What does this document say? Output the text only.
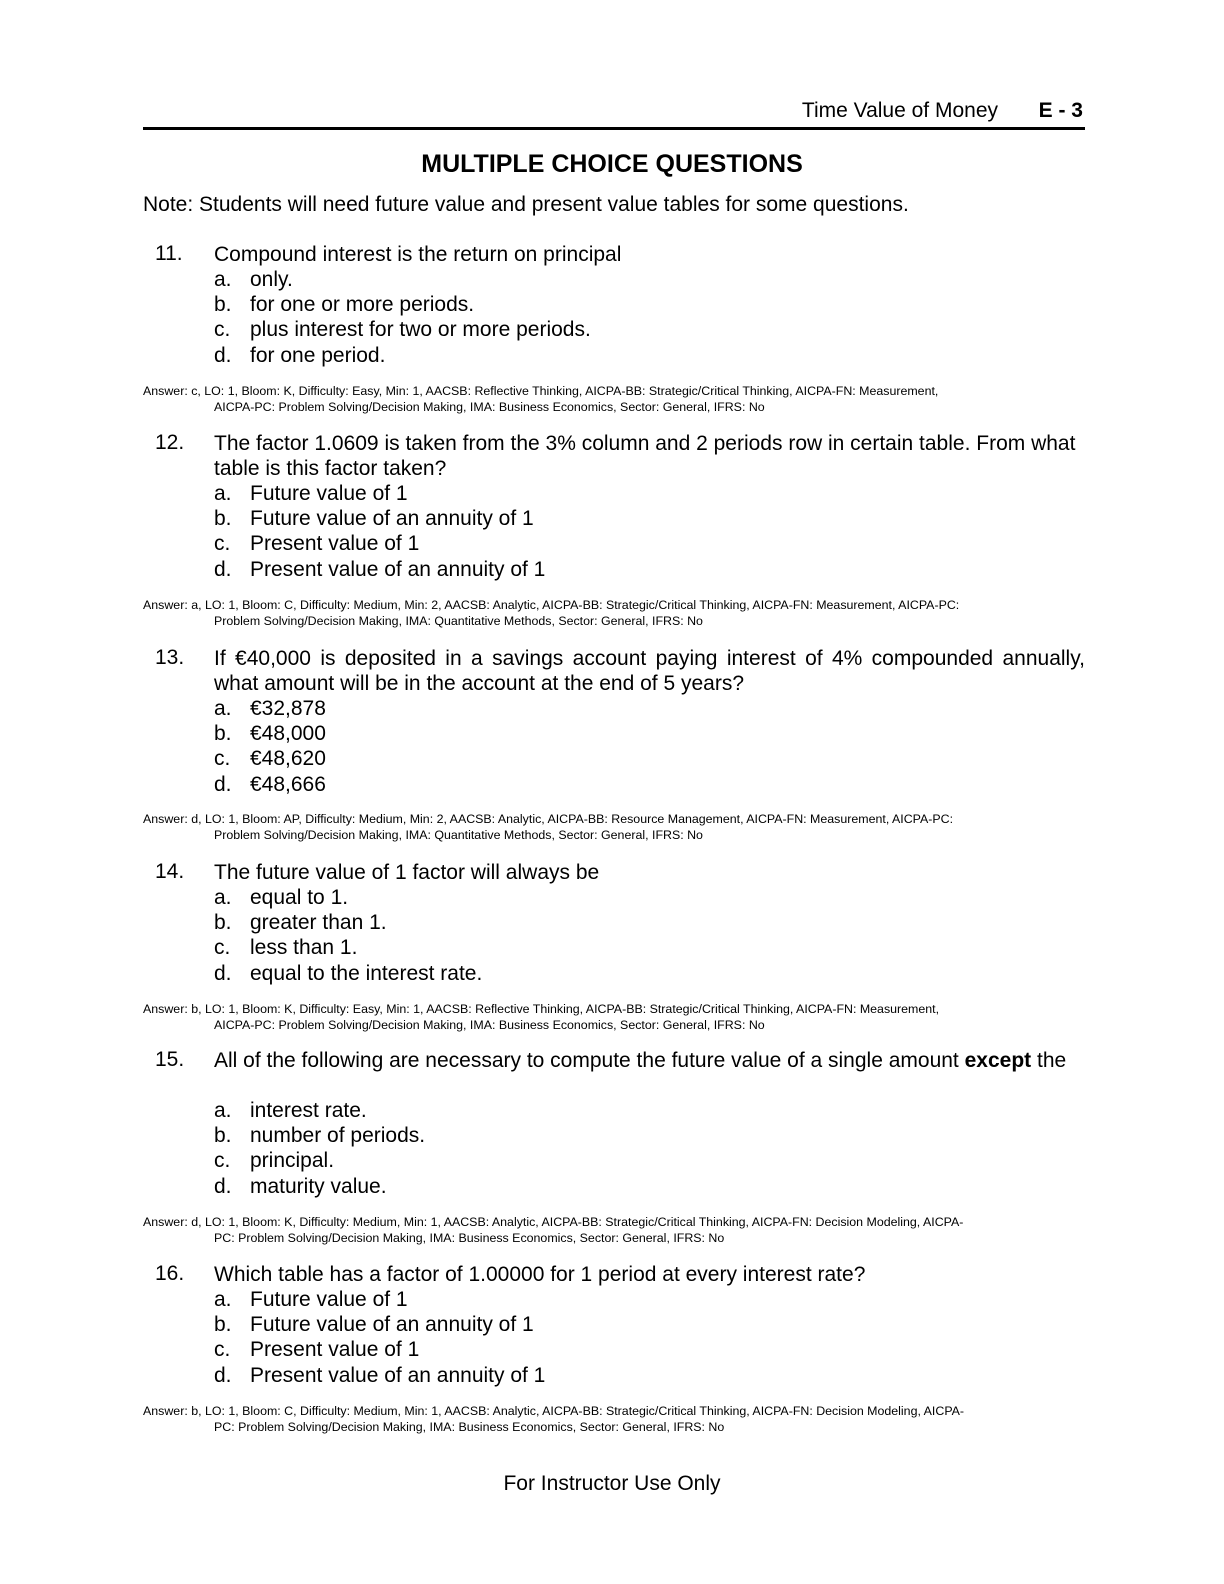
Time Value of Money E - 3
MULTIPLE CHOICE QUESTIONS
Note: Students will need future value and present value tables for some questions.
11. Compound interest is the return on principal
a. only.
b. for one or more periods.
c. plus interest for two or more periods.
d. for one period.
Answer: c, LO: 1, Bloom: K, Difficulty: Easy, Min: 1, AACSB: Reflective Thinking, AICPA-BB: Strategic/Critical Thinking, AICPA-FN: Measurement,
AICPA-PC: Problem Solving/Decision Making, IMA: Business Economics, Sector: General, IFRS: No
12. The factor 1.0609 is taken from the 3% column and 2 periods row in certain table. From what table is this factor taken?
a. Future value of 1
b. Future value of an annuity of 1
c. Present value of 1
d. Present value of an annuity of 1
Answer: a, LO: 1, Bloom: C, Difficulty: Medium, Min: 2, AACSB: Analytic, AICPA-BB: Strategic/Critical Thinking, AICPA-FN: Measurement, AICPA-PC:
Problem Solving/Decision Making, IMA: Quantitative Methods, Sector: General, IFRS: No
13. If €40,000 is deposited in a savings account paying interest of 4% compounded annually, what amount will be in the account at the end of 5 years?
a. €32,878
b. €48,000
c. €48,620
d. €48,666
Answer: d, LO: 1, Bloom: AP, Difficulty: Medium, Min: 2, AACSB: Analytic, AICPA-BB: Resource Management, AICPA-FN: Measurement, AICPA-PC:
Problem Solving/Decision Making, IMA: Quantitative Methods, Sector: General, IFRS: No
14. The future value of 1 factor will always be
a. equal to 1.
b. greater than 1.
c. less than 1.
d. equal to the interest rate.
Answer: b, LO: 1, Bloom: K, Difficulty: Easy, Min: 1, AACSB: Reflective Thinking, AICPA-BB: Strategic/Critical Thinking, AICPA-FN: Measurement,
AICPA-PC: Problem Solving/Decision Making, IMA: Business Economics, Sector: General, IFRS: No
15. All of the following are necessary to compute the future value of a single amount except the
a. interest rate.
b. number of periods.
c. principal.
d. maturity value.
Answer: d, LO: 1, Bloom: K, Difficulty: Medium, Min: 1, AACSB: Analytic, AICPA-BB: Strategic/Critical Thinking, AICPA-FN: Decision Modeling, AICPA-
PC: Problem Solving/Decision Making, IMA: Business Economics, Sector: General, IFRS: No
16. Which table has a factor of 1.00000 for 1 period at every interest rate?
a. Future value of 1
b. Future value of an annuity of 1
c. Present value of 1
d. Present value of an annuity of 1
Answer: b, LO: 1, Bloom: C, Difficulty: Medium, Min: 1, AACSB: Analytic, AICPA-BB: Strategic/Critical Thinking, AICPA-FN: Decision Modeling, AICPA-
PC: Problem Solving/Decision Making, IMA: Business Economics, Sector: General, IFRS: No
For Instructor Use Only
